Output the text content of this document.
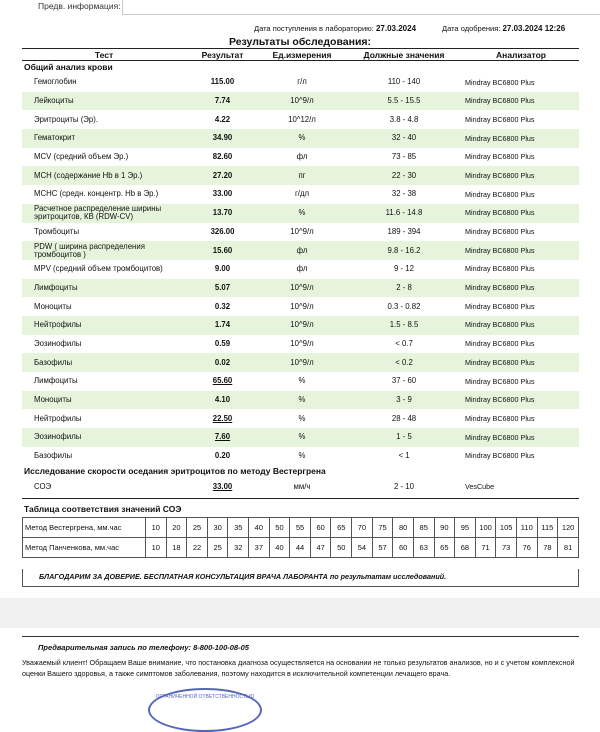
Предв. информация:
Дата поступления в лабораторию: 27.03.2024	Дата одобрения: 27.03.2024 12:26
Результаты обследования:
Тест	Результат	Ед.измерения	Должные значения	Анализатор
Общий анализ крови				
Гемоглобин	115.00	г/л	110 - 140	Mindray BC6800 Plus
Лейкоциты	7.74	10^9/л	5.5 - 15.5	Mindray BC6800 Plus
Эритроциты (Эр).	4.22	10^12/л	3.8 - 4.8	Mindray BC6800 Plus
Гематокрит	34.90	%	32 - 40	Mindray BC6800 Plus
MCV (средний объем Эр.)	82.60	фл	73 - 85	Mindray BC6800 Plus
MCH (содержание Hb в 1 Эр.)	27.20	пг	22 - 30	Mindray BC6800 Plus
MCHC (средн. концентр. Hb в Эр.)	33.00	г/дл	32 - 38	Mindray BC6800 Plus
Расчетное распределение ширины эритроцитов, КВ (RDW-CV)	13.70	%	11.6 - 14.8	Mindray BC6800 Plus
Тромбоциты	326.00	10^9/л	189 - 394	Mindray BC6800 Plus
PDW ( ширина распределения тромбоцитов )	15.60	фл	9.8 - 16.2	Mindray BC6800 Plus
MPV (средний объем тромбоцитов)	9.00	фл	9 - 12	Mindray BC6800 Plus
Лимфоциты	5.07	10^9/л	2 - 8	Mindray BC6800 Plus
Моноциты	0.32	10^9/л	0.3 - 0.82	Mindray BC6800 Plus
Нейтрофилы	1.74	10^9/л	1.5 - 8.5	Mindray BC6800 Plus
Эозинофилы	0.59	10^9/л	< 0.7	Mindray BC6800 Plus
Базофилы	0.02	10^9/л	< 0.2	Mindray BC6800 Plus
Лимфоциты	65.60	%	37 - 60	Mindray BC6800 Plus
Моноциты	4.10	%	3 - 9	Mindray BC6800 Plus
Нейтрофилы	22.50	%	28 - 48	Mindray BC6800 Plus
Эозинофилы	7.60	%	1 - 5	Mindray BC6800 Plus
Базофилы	0.20	%	< 1	Mindray BC6800 Plus
Исследование скорости оседания эритроцитов по методу Вестергрена				
СОЭ	33.00	мм/ч	2 - 10	VesCube
Таблица соответствия значений СОЭ
Метод Вестергрена, мм.час	10	20	25	30	35	40	50	55	60	65	70	75	80	85	90	95	100	105	110	115	120
Метод Панченкова, мм.час	10	18	22	25	32	37	40	44	47	50	54	57	60	63	65	68	71	73	76	78	81
БЛАГОДАРИМ ЗА ДОВЕРИЕ. БЕСПЛАТНАЯ КОНСУЛЬТАЦИЯ ВРАЧА ЛАБОРАНТА по результатам исследований.
Предварительная запись по телефону: 8-800-100-08-05
Уважаемый клиент! Обращаем Ваше внимание, что постановка диагноза осуществляется на основании не только результатов анализов, но и с учетом комплексной оценки Вашего здоровья, а также симптомов заболевания, поэтому находится в исключительной компетенции лечащего врача.
ОГРАНИЧЕННОЙ ОТВЕТСТВЕННОСТЬЮ
